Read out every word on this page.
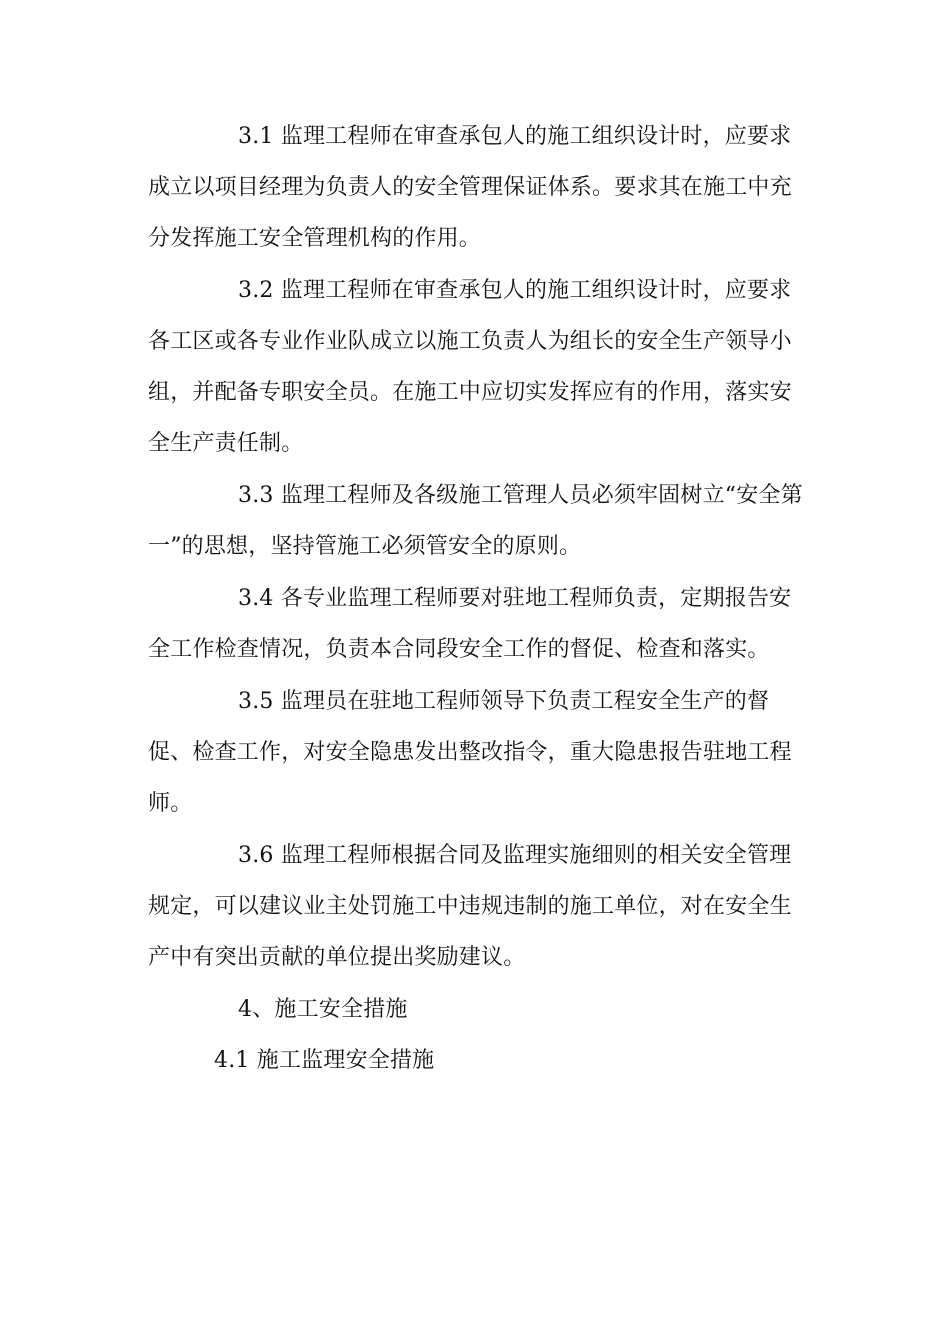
3.1 监理工程师在审查承包人的施工组织设计时，应要求
成立以项目经理为负责人的安全管理保证体系。要求其在施工中充
分发挥施工安全管理机构的作用。
3.2 监理工程师在审查承包人的施工组织设计时，应要求
各工区或各专业作业队成立以施工负责人为组长的安全生产领导小
组，并配备专职安全员。在施工中应切实发挥应有的作用，落实安
全生产责任制。
3.3 监理工程师及各级施工管理人员必须牢固树立“安全第
一”的思想，坚持管施工必须管安全的原则。
3.4 各专业监理工程师要对驻地工程师负责，定期报告安
全工作检查情况，负责本合同段安全工作的督促、检查和落实。
3.5 监理员在驻地工程师领导下负责工程安全生产的督
促、检查工作，对安全隐患发出整改指令，重大隐患报告驻地工程
师。
3.6 监理工程师根据合同及监理实施细则的相关安全管理
规定，可以建议业主处罚施工中违规违制的施工单位，对在安全生
产中有突出贡献的单位提出奖励建议。
4、施工安全措施
4.1 施工监理安全措施
